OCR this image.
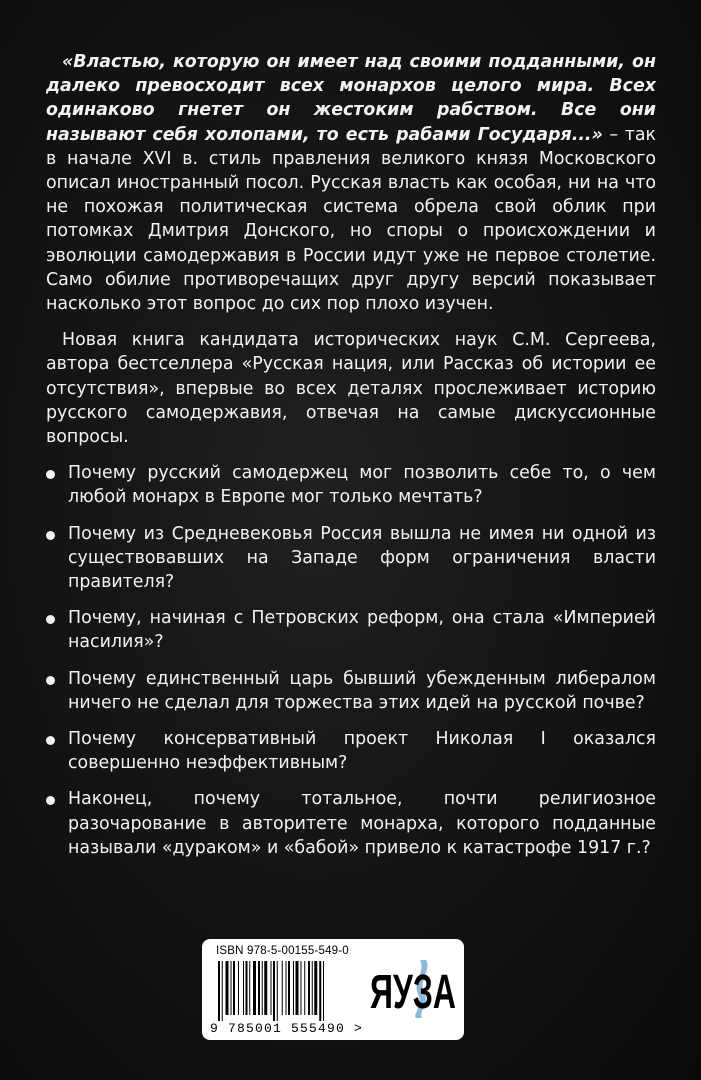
«Властью, которую он имеет над своими подданными, он далеко превосходит всех монархов целого мира. Всех одинаково гнетет он жестоким рабством. Все они называют себя холопами, то есть рабами Государя...» – так в начале XVI в. стиль правления великого князя Московского описал иностранный посол. Русская власть как особая, ни на что не похожая политическая система обрела свой облик при потомках Дмитрия Донского, но споры о происхождении и эволюции самодержавия в России идут уже не первое столетие. Само обилие противоречащих друг другу версий показывает насколько этот вопрос до сих пор плохо изучен.

Новая книга кандидата исторических наук С.М. Сергеева, автора бестселлера «Русская нация, или Рассказ об истории ее отсутствия», впервые во всех деталях прослеживает историю русского самодержавия, отвечая на самые дискуссионные вопросы.

Почему русский самодержец мог позволить себе то, о чем любой монарх в Европе мог только мечтать?
Почему из Средневековья Россия вышла не имея ни одной из существовавших на Западе форм ограничения власти правителя?
Почему, начиная с Петровских реформ, она стала «Империей насилия»?
Почему единственный царь бывший убежденным либералом ничего не сделал для торжества этих идей на русской почве?
Почему консервативный проект Николая I оказался совершенно неэффективным?
Наконец, почему тотальное, почти религиозное разочарование в авторитете монарха, которого подданные называли «дураком» и «бабой» привело к катастрофе 1917 г.?
ISBN 978-5-00155-549-0
9 785001 555490 >
ЯУЗА
